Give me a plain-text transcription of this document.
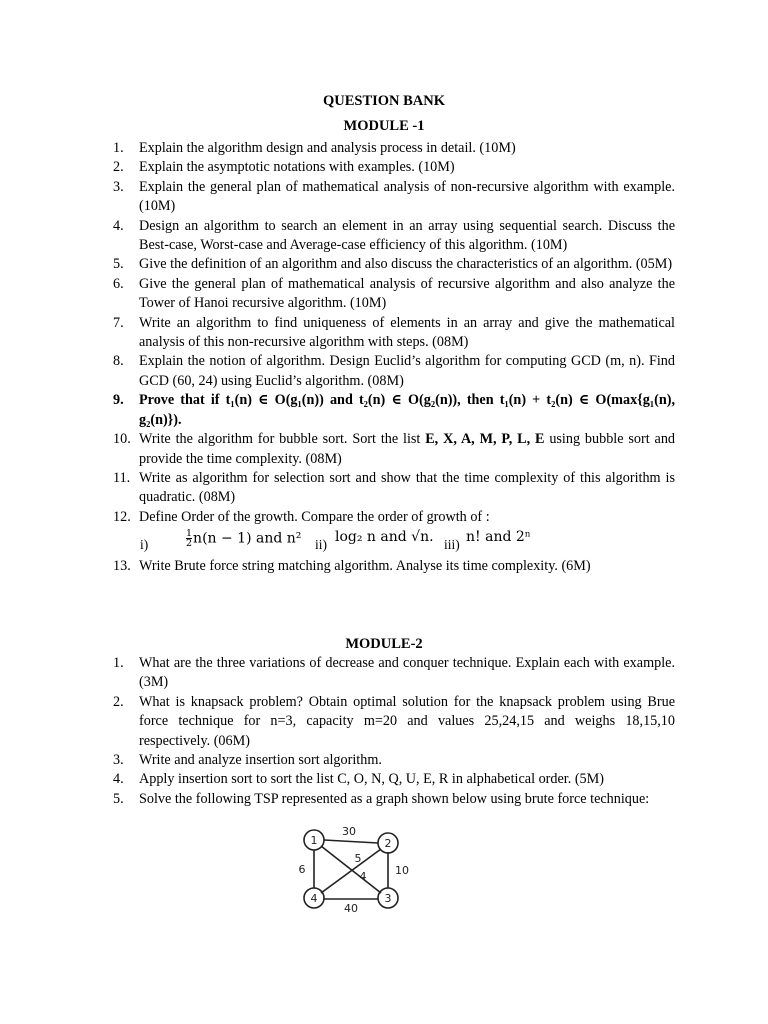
QUESTION BANK
MODULE -1
1.	Explain the algorithm design and analysis process in detail. (10M)
2.	Explain the asymptotic notations with examples. (10M)
3.	Explain the general plan of mathematical analysis of non-recursive algorithm with example. (10M)
4.	Design an algorithm to search an element in an array using sequential search. Discuss the Best-case, Worst-case and Average-case efficiency of this algorithm. (10M)
5.	Give the definition of an algorithm and also discuss the characteristics of an algorithm. (05M)
6.	Give the general plan of mathematical analysis of recursive algorithm and also analyze the Tower of Hanoi recursive algorithm. (10M)
7.	Write an algorithm to find uniqueness of elements in an array and give the mathematical analysis of this non-recursive algorithm with steps. (08M)
8.	Explain the notion of algorithm. Design Euclid’s algorithm for computing GCD (m, n). Find GCD (60, 24) using Euclid’s algorithm. (08M)
9.	Prove that if t₁(n) ∈ O(g₁(n)) and t₂(n) ∈ O(g₂(n)), then t₁(n) + t₂(n) ∈ O(max{g₁(n), g₂(n)}).
10. Write the algorithm for bubble sort. Sort the list E, X, A, M, P, L, E using bubble sort and provide the time complexity. (08M)
11. Write as algorithm for selection sort and show that the time complexity of this algorithm is quadratic. (08M)
12. Define Order of the growth. Compare the order of growth of :
i)	$\frac{1}{2} n(n - 1)$ and n² ii) log₂ n and √n. iii) n! and 2ⁿ
13. Write Brute force string matching algorithm. Analyse its time complexity. (6M)
MODULE-2
1.	What are the three variations of decrease and conquer technique. Explain each with example. (3M)
2.	What is knapsack problem? Obtain optimal solution for the knapsack problem using Brue force technique for n=3, capacity m=20 and values 25,24,15 and weighs 18,15,10 respectively. (06M)
3.	Write and analyze insertion sort algorithm.
4.	Apply insertion sort to sort the list C, O, N, Q, U, E, R in alphabetical order. (5M)
5.	Solve the following TSP represented as a graph shown below using brute force technique:
1	2
3
4
30
6	10
40
4
5
